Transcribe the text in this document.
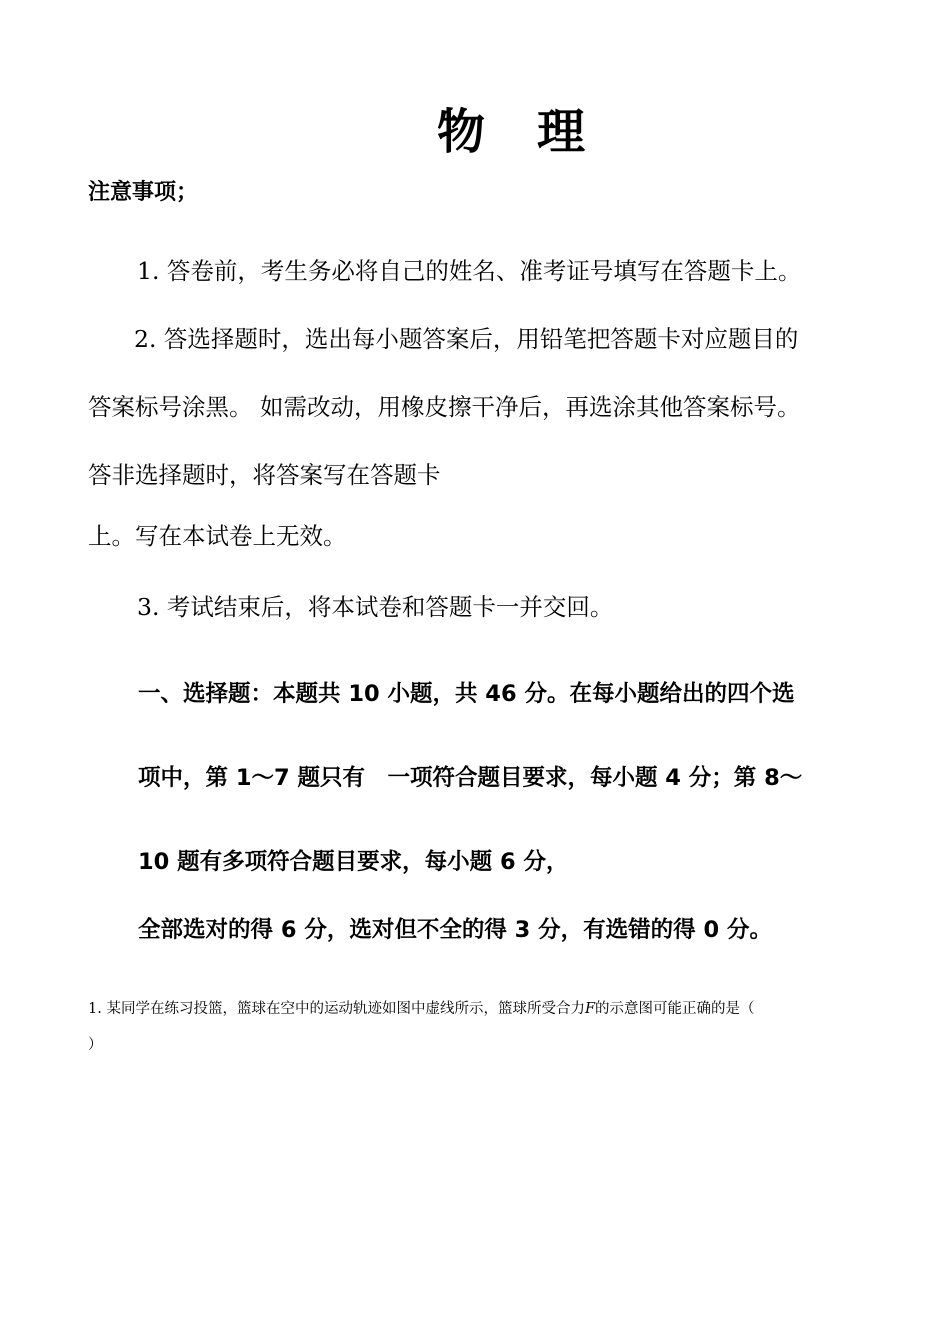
物理
注意事项；
1. 答卷前，考生务必将自己的姓名、准考证号填写在答题卡上。
2. 答选择题时，选出每小题答案后，用铅笔把答题卡对应题目的
答案标号涂黑。 如需改动，用橡皮擦干净后，再选涂其他答案标号。
答非选择题时，将答案写在答题卡
上。写在本试卷上无效。
3. 考试结束后，将本试卷和答题卡一并交回。
一、选择题：本题共 10 小题，共 46 分。在每小题给出的四个选
项中，第 1～7 题只有　一项符合题目要求，每小题 4 分；第 8～
10 题有多项符合题目要求，每小题 6 分，
全部选对的得 6 分，选对但不全的得 3 分，有选错的得 0 分。
1. 某同学在练习投篮，篮球在空中的运动轨迹如图中虚线所示，篮球所受合力F的示意图可能正确的是（
）
